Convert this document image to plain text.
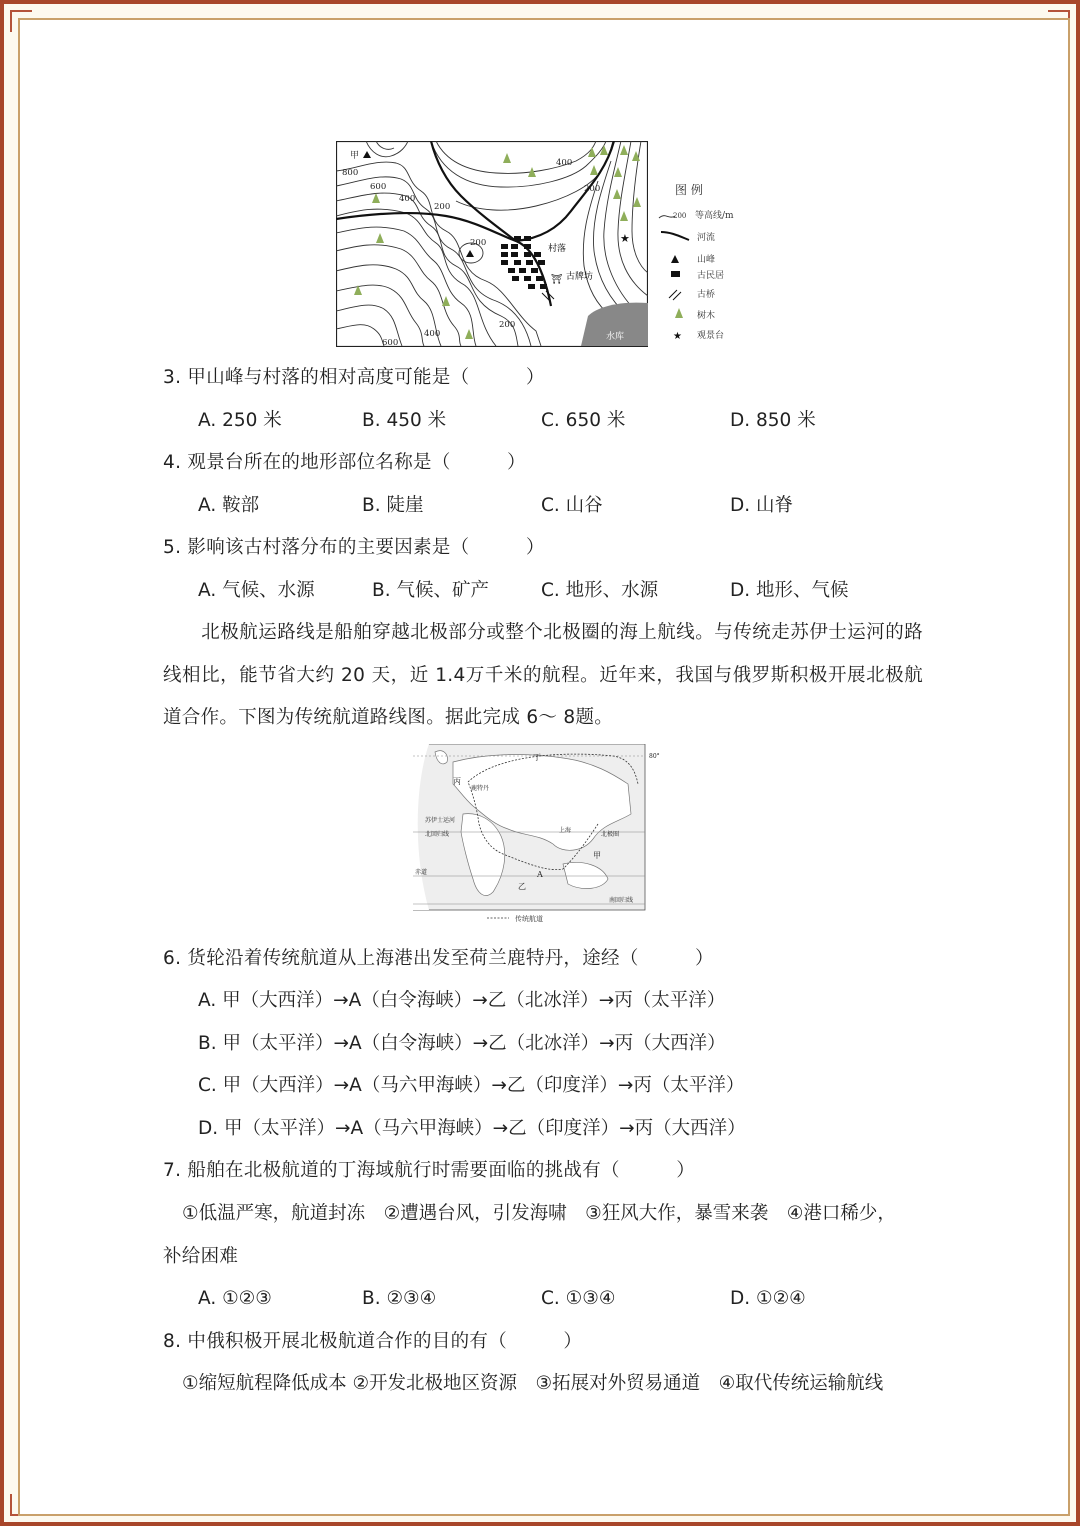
水库
甲
800
600
400
200
400
200
200
400
600
200
村落
古牌坊
⛩
★
图 例
200 等高线/m
河流
山峰
古民居
古桥
树木
★ 观景台
3. 甲山峰与村落的相对高度可能是（　　　）
A. 250 米	B. 450 米	C. 650 米	D. 850 米
4. 观景台所在的地形部位名称是（　　　）
A. 鞍部	B. 陡崖	C. 山谷	D. 山脊
5. 影响该古村落分布的主要因素是（　　　）
A. 气候、水源	B. 气候、矿产	C. 地形、水源	D. 地形、气候
北极航运路线是船舶穿越北极部分或整个北极圈的海上航线。与传统走苏伊士运河的路线相比，能节省大约 20 天，近 1.4万千米的航程。近年来，我国与俄罗斯积极开展北极航道合作。下图为传统航道路线图。据此完成 6～ 8题。
80°
丁
丙
甲
乙
A
北极圈
赤道
南回归线
上海
鹿特丹
苏伊士运河
北回归线
传统航道
6. 货轮沿着传统航道从上海港出发至荷兰鹿特丹，途经（　　　）
A. 甲（大西洋）→A（白令海峡）→乙（北冰洋）→丙（太平洋）
B. 甲（太平洋）→A（白令海峡）→乙（北冰洋）→丙（大西洋）
C. 甲（大西洋）→A（马六甲海峡）→乙（印度洋）→丙（太平洋）
D. 甲（太平洋）→A（马六甲海峡）→乙（印度洋）→丙（大西洋）
7. 船舶在北极航道的丁海域航行时需要面临的挑战有（　　　）
①低温严寒，航道封冻　②遭遇台风，引发海啸　③狂风大作，暴雪来袭　④港口稀少，
补给困难
A. ①②③	B. ②③④	C. ①③④	D. ①②④
8. 中俄积极开展北极航道合作的目的有（　　　）
①缩短航程降低成本 ②开发北极地区资源　③拓展对外贸易通道　④取代传统运输航线
